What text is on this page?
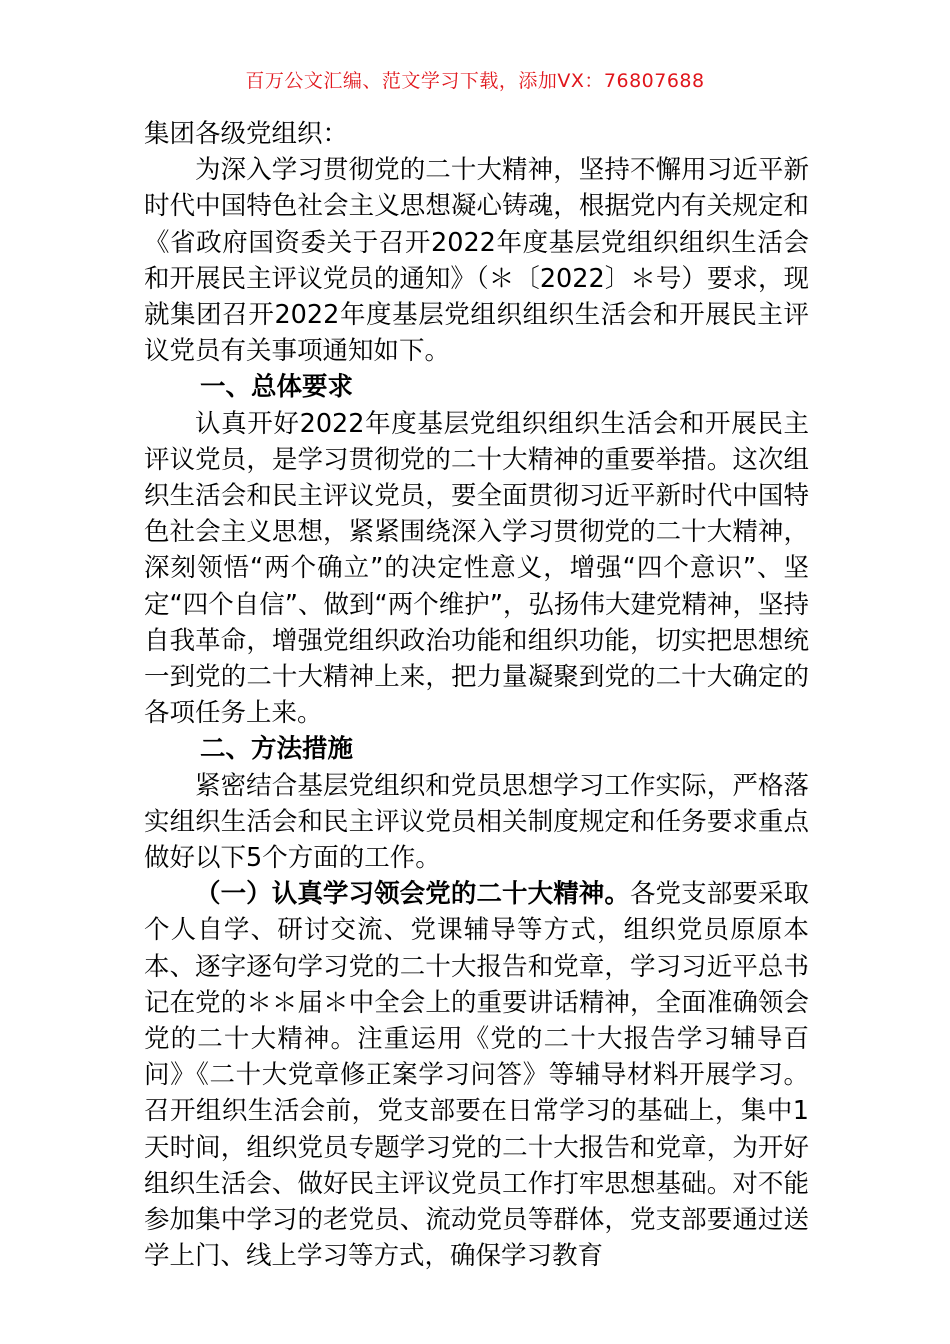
百万公文汇编、范文学习下载，添加VX：76807688

集团各级党组织：

为深入学习贯彻党的二十大精神，坚持不懈用习近平新时代中国特色社会主义思想凝心铸魂，根据党内有关规定和《省政府国资委关于召开2022年度基层党组织组织生活会和开展民主评议党员的通知》（＊〔2022〕＊号）要求，现就集团召开2022年度基层党组织组织生活会和开展民主评议党员有关事项通知如下。

一、总体要求

认真开好2022年度基层党组织组织生活会和开展民主评议党员，是学习贯彻党的二十大精神的重要举措。这次组织生活会和民主评议党员，要全面贯彻习近平新时代中国特色社会主义思想，紧紧围绕深入学习贯彻党的二十大精神，深刻领悟“两个确立”的决定性意义，增强“四个意识”、坚定“四个自信”、做到“两个维护”，弘扬伟大建党精神，坚持自我革命，增强党组织政治功能和组织功能，切实把思想统一到党的二十大精神上来，把力量凝聚到党的二十大确定的各项任务上来。

二、方法措施

紧密结合基层党组织和党员思想学习工作实际，严格落实组织生活会和民主评议党员相关制度规定和任务要求重点做好以下5个方面的工作。

（一）认真学习领会党的二十大精神。各党支部要采取个人自学、研讨交流、党课辅导等方式，组织党员原原本本、逐字逐句学习党的二十大报告和党章，学习习近平总书记在党的＊＊届＊中全会上的重要讲话精神，全面准确领会党的二十大精神。注重运用《党的二十大报告学习辅导百问》《二十大党章修正案学习问答》等辅导材料开展学习。召开组织生活会前，党支部要在日常学习的基础上，集中1天时间，组织党员专题学习党的二十大报告和党章，为开好组织生活会、做好民主评议党员工作打牢思想基础。对不能参加集中学习的老党员、流动党员等群体，党支部要通过送学上门、线上学习等方式，确保学习教育
